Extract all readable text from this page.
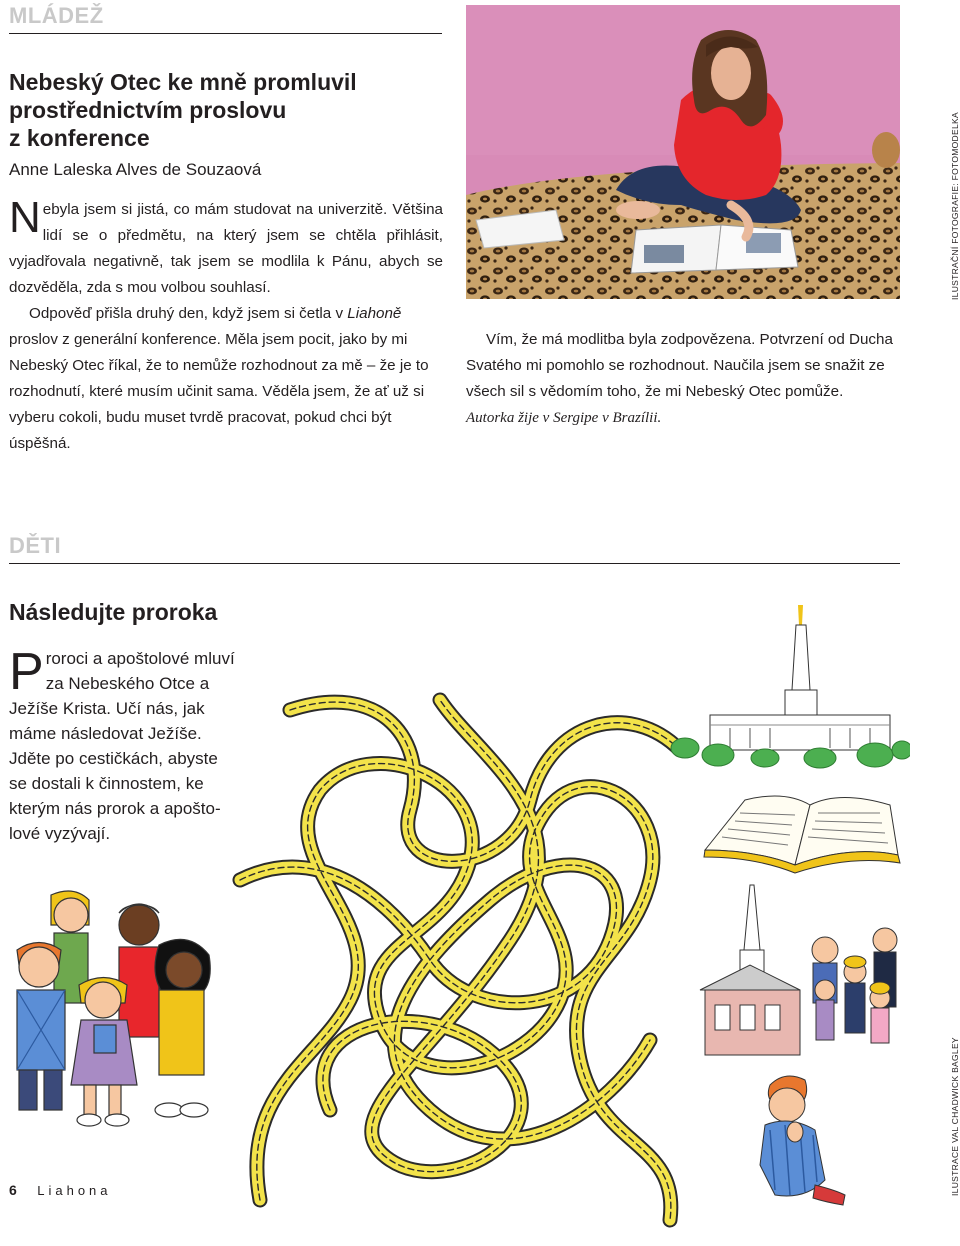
MLÁDEŽ
Nebeský Otec ke mně promluvil
prostřednictvím proslovu
z konference
Anne Laleska Alves de Souzaová

Nebyla jsem si jistá, co mám studovat na univerzitě. Většina lidí se o předmětu, na který jsem se chtěla přihlásit, vyjadřovala negativně, tak jsem se modlila k Pánu, abych se dozvěděla, zda s mou volbou souhlasí.

Odpověď přišla druhý den, když jsem si četla v Liahoně proslov z generální konference. Měla jsem pocit, jako by mi Nebeský Otec říkal, že to nemůže rozhodnout za mě – že je to rozhodnutí, které musím učinit sama. Věděla jsem, že ať už si vyberu cokoli, budu muset tvrdě pracovat, pokud chci být úspěšná.

ILUSTRAČNÍ FOTOGRAFIE: FOTOMODELKA

Vím, že má modlitba byla zodpovězena. Potvrzení od Ducha Svatého mi pomohlo se rozhodnout. Naučila jsem se snažit ze všech sil s vědomím toho, že mi Nebeský Otec pomůže.

Autorka žije v Sergipe v Brazílii.

DĚTI
Následujte proroka
P roroci a apoštolové mluví
za Nebeského Otce a
Ježíše Krista. Učí nás, jak
máme následovat Ježíše.
Jděte po cestičkách, abyste
se dostali k činnostem, ke
kterým nás prorok a apošto-
lové vyzývají.
ILUSTRACE VAL CHADWICK BAGLEY
6 Liahona
